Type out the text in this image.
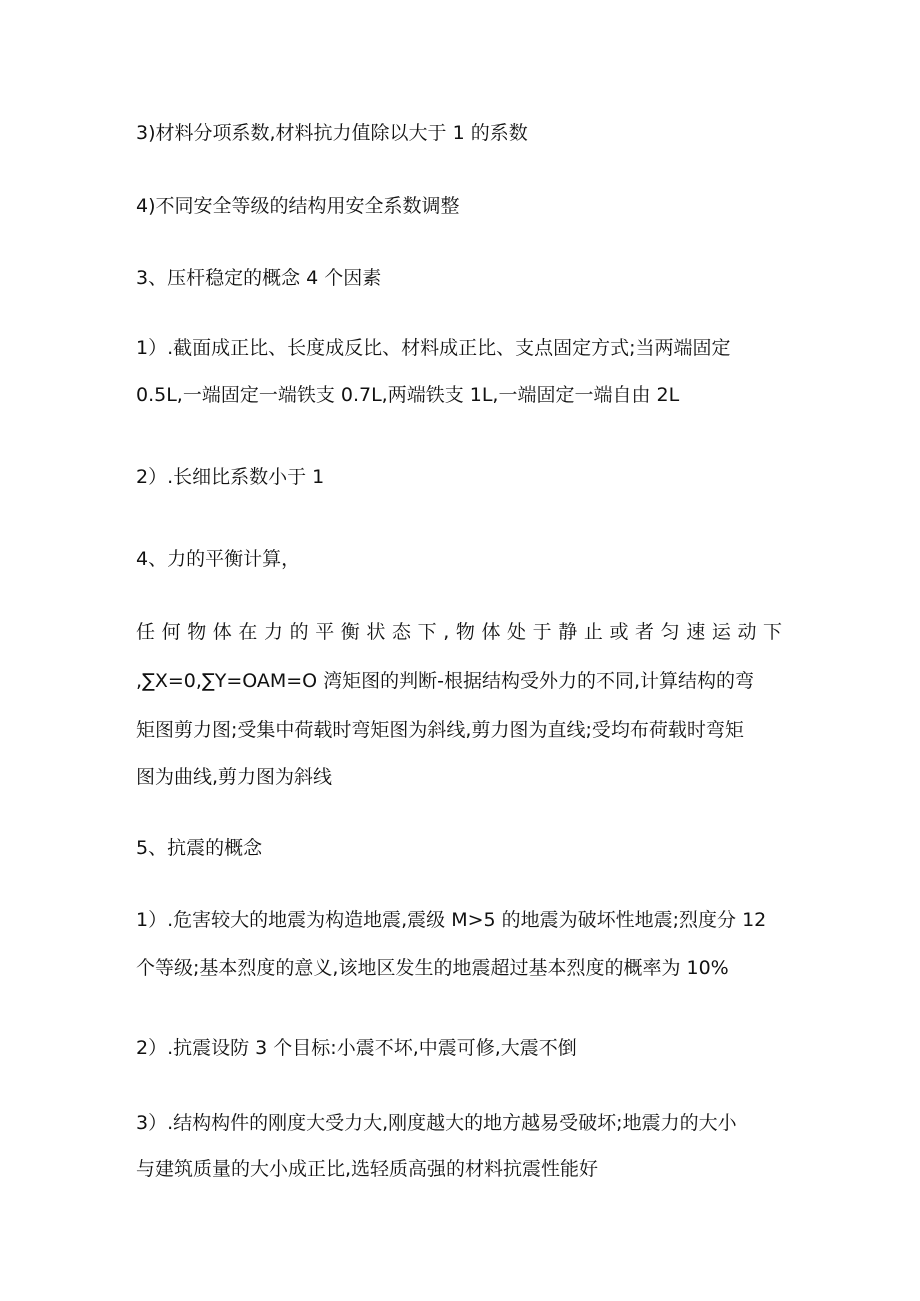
3)材料分项系数,材料抗力值除以大于 1 的系数
4)不同安全等级的结构用安全系数调整
3、压杆稳定的概念 4 个因素
1）.截面成正比、长度成反比、材料成正比、支点固定方式;当两端固定
0.5L,一端固定一端铁支 0.7L,两端铁支 1L,一端固定一端自由 2L
2）.长细比系数小于 1
4、力的平衡计算，
任何物体在力的平衡状态下,物体处于静止或者匀速运动下
,∑X=0,∑Y=OAM=O 湾矩图的判断-根据结构受外力的不同,计算结构的弯
矩图剪力图;受集中荷载时弯矩图为斜线,剪力图为直线;受均布荷载时弯矩
图为曲线,剪力图为斜线
5、抗震的概念
1）.危害较大的地震为构造地震,震级 M>5 的地震为破坏性地震;烈度分 12
个等级;基本烈度的意义,该地区发生的地震超过基本烈度的概率为 10%
2）.抗震设防 3 个目标:小震不坏,中震可修,大震不倒
3）.结构构件的刚度大受力大,刚度越大的地方越易受破坏;地震力的大小
与建筑质量的大小成正比,选轻质高强的材料抗震性能好
